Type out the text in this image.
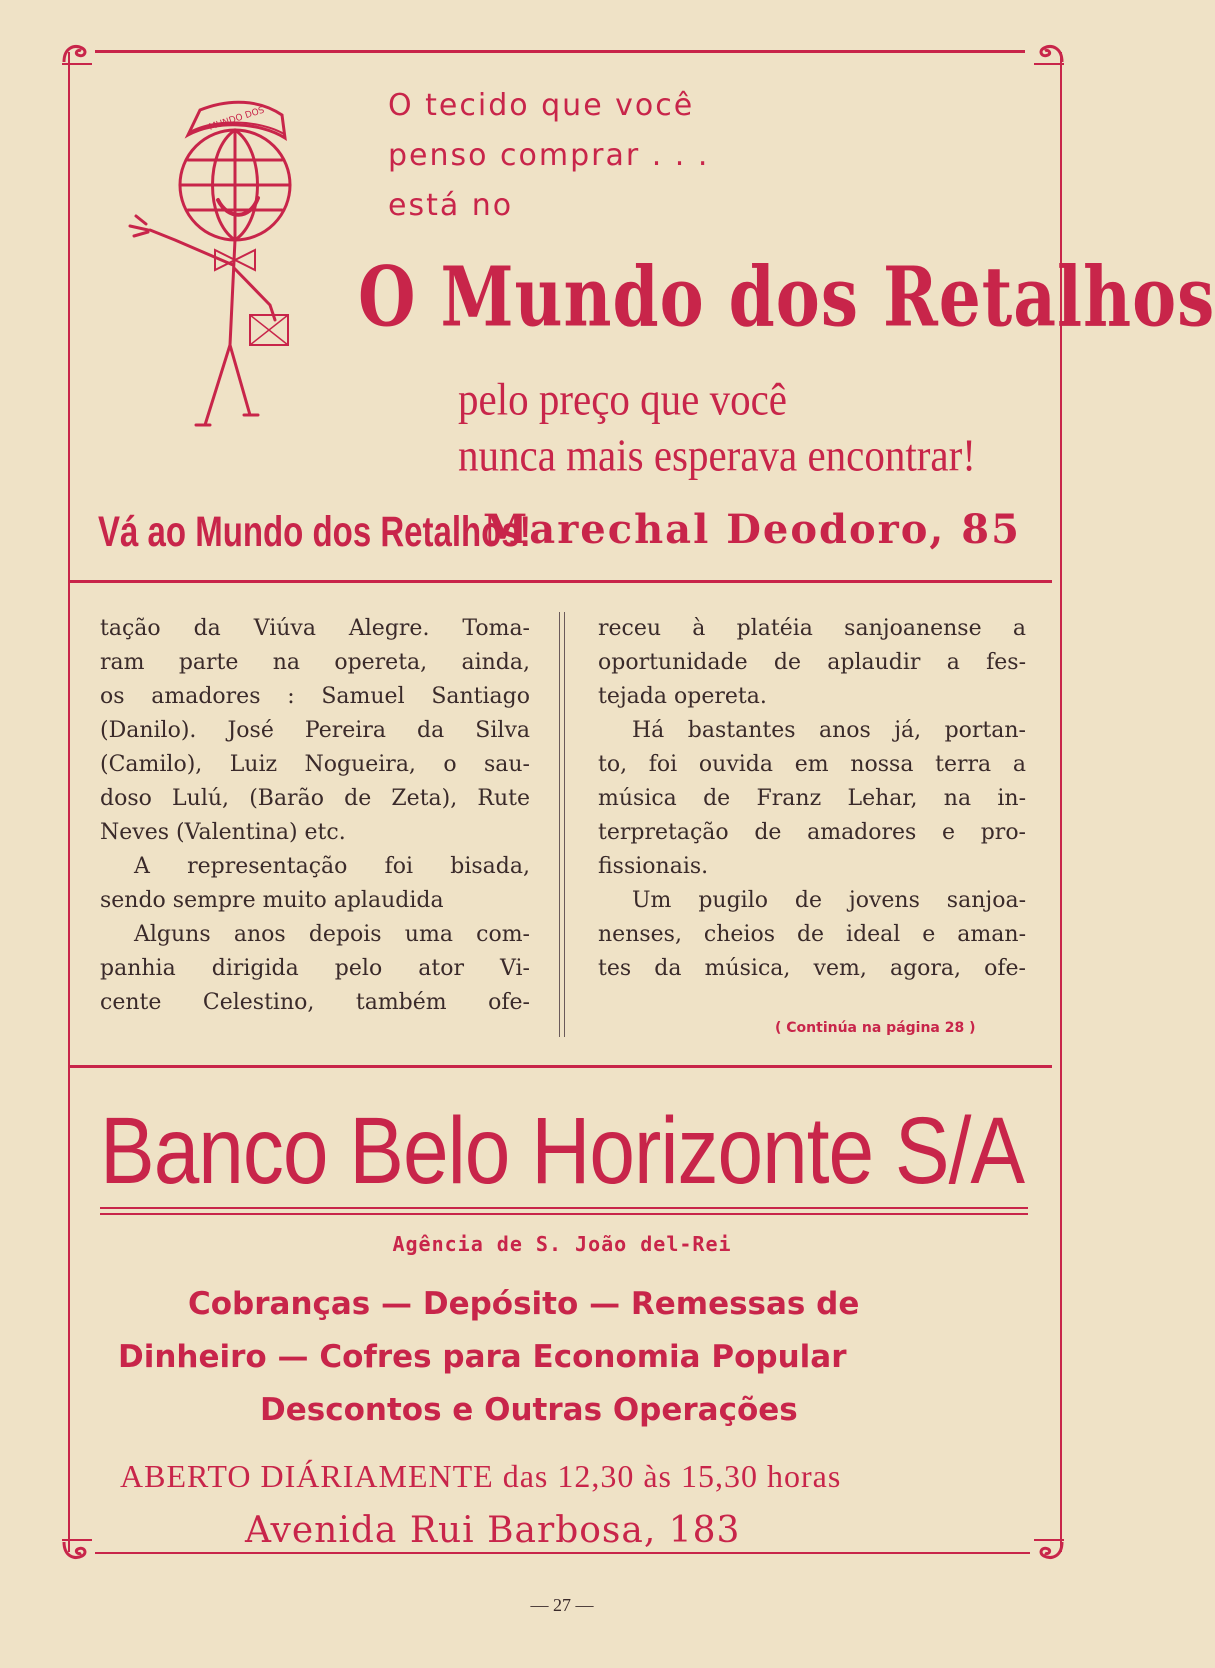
MUNDO DOS	O tecido que você
penso comprar . . .
está no
O Mundo dos Retalhos
pelo preço que você
nunca mais esperava encontrar!
Vá ao Mundo dos Retalhos!
Marechal Deodoro, 85

tação da Viúva Alegre. Toma-

ram parte na opereta, ainda,

os amadores : Samuel Santiago

(Danilo). José Pereira da Silva

(Camilo), Luiz Nogueira, o sau-

doso Lulú, (Barão de Zeta), Rute

Neves (Valentina) etc.

A representação foi bisada,

sendo sempre muito aplaudida

Alguns anos depois uma com-

panhia dirigida pelo ator Vi-

cente Celestino, também ofe-

receu à platéia sanjoanense a

oportunidade de aplaudir a fes-

tejada opereta.

Há bastantes anos já, portan-

to, foi ouvida em nossa terra a

música de Franz Lehar, na in-

terpretação de amadores e pro-

fissionais.

Um pugilo de jovens sanjoa-

nenses, cheios de ideal e aman-

tes da música, vem, agora, ofe-

( Continúa na página 28 )
Banco Belo Horizonte S/A
Agência de S. João del-Rei
Cobranças — Depósito — Remessas de
Dinheiro — Cofres para Economia Popular
Descontos e Outras Operações
ABERTO DIÁRIAMENTE das 12,30 às 15,30 horas
Avenida Rui Barbosa, 183
— 27 —
